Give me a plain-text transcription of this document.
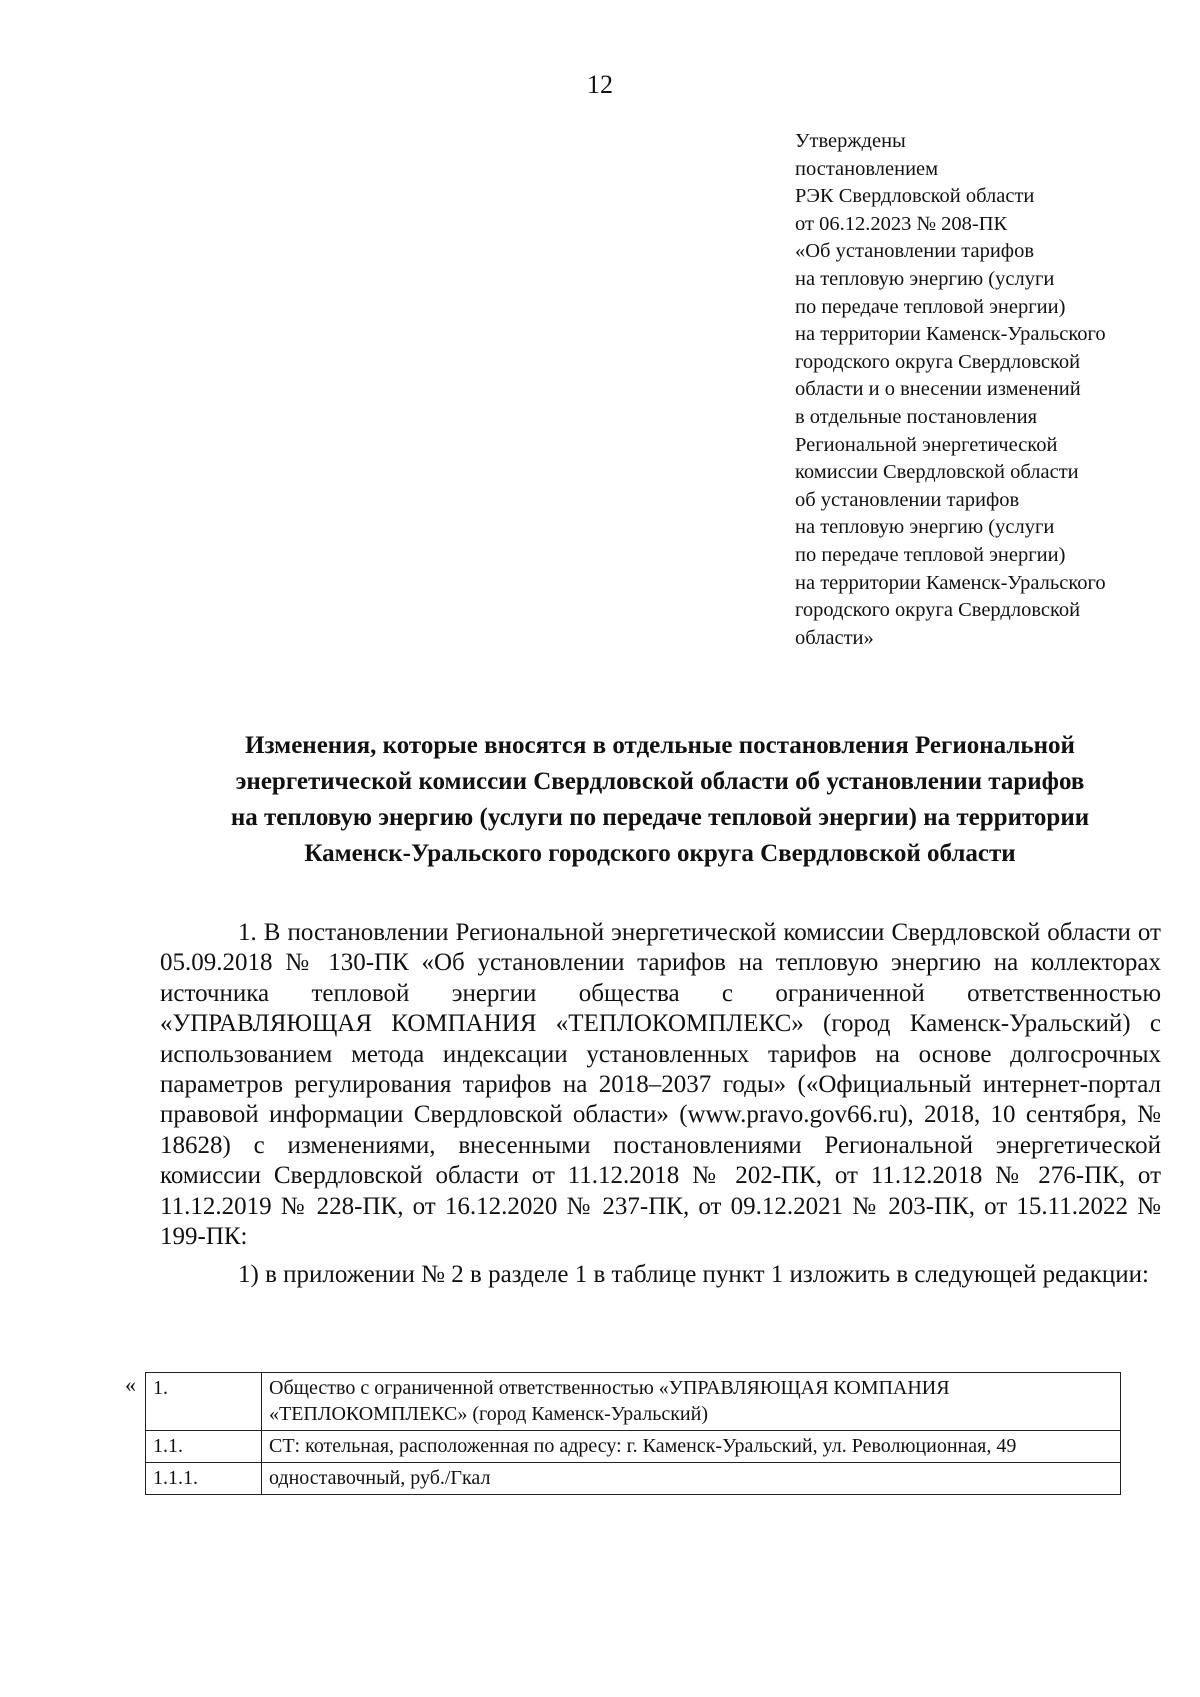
12
Утверждены
постановлением
РЭК Свердловской области
от 06.12.2023 № 208-ПК
«Об установлении тарифов
на тепловую энергию (услуги
по передаче тепловой энергии)
на территории Каменск-Уральского
городского округа Свердловской
области и о внесении изменений
в отдельные постановления
Региональной энергетической
комиссии Свердловской области
об установлении тарифов
на тепловую энергию (услуги
по передаче тепловой энергии)
на территории Каменск-Уральского
городского округа Свердловской
области»
Изменения, которые вносятся в отдельные постановления Региональной
энергетической комиссии Свердловской области об установлении тарифов
на тепловую энергию (услуги по передаче тепловой энергии) на территории
Каменск-Уральского городского округа Свердловской области

1. В постановлении Региональной энергетической комиссии Свердловской области от 05.09.2018 № 130-ПК «Об установлении тарифов на тепловую энергию на коллекторах источника тепловой энергии общества с ограниченной ответственностью «УПРАВЛЯЮЩАЯ КОМПАНИЯ «ТЕПЛОКОМПЛЕКС» (город Каменск-Уральский) с использованием метода индексации установленных тарифов на основе долгосрочных параметров регулирования тарифов на 2018–2037 годы» («Официальный интернет-портал правовой информации Свердловской области» (www.pravo.gov66.ru), 2018, 10 сентября, № 18628) с изменениями, внесенными постановлениями Региональной энергетической комиссии Свердловской области от 11.12.2018 № 202-ПК, от 11.12.2018 № 276-ПК, от 11.12.2019 № 228-ПК, от 16.12.2020 № 237-ПК, от 09.12.2021 № 203-ПК, от 15.11.2022 № 199-ПК:

1) в приложении № 2 в разделе 1 в таблице пункт 1 изложить в следующей редакции:

« 1.	Общество с ограниченной ответственностью «УПРАВЛЯЮЩАЯ КОМПАНИЯ «ТЕПЛОКОМПЛЕКС» (город Каменск-Уральский)
1.1.	СТ: котельная, расположенная по адресу: г. Каменск-Уральский, ул. Революционная, 49
1.1.1.	одноставочный, руб./Гкал
